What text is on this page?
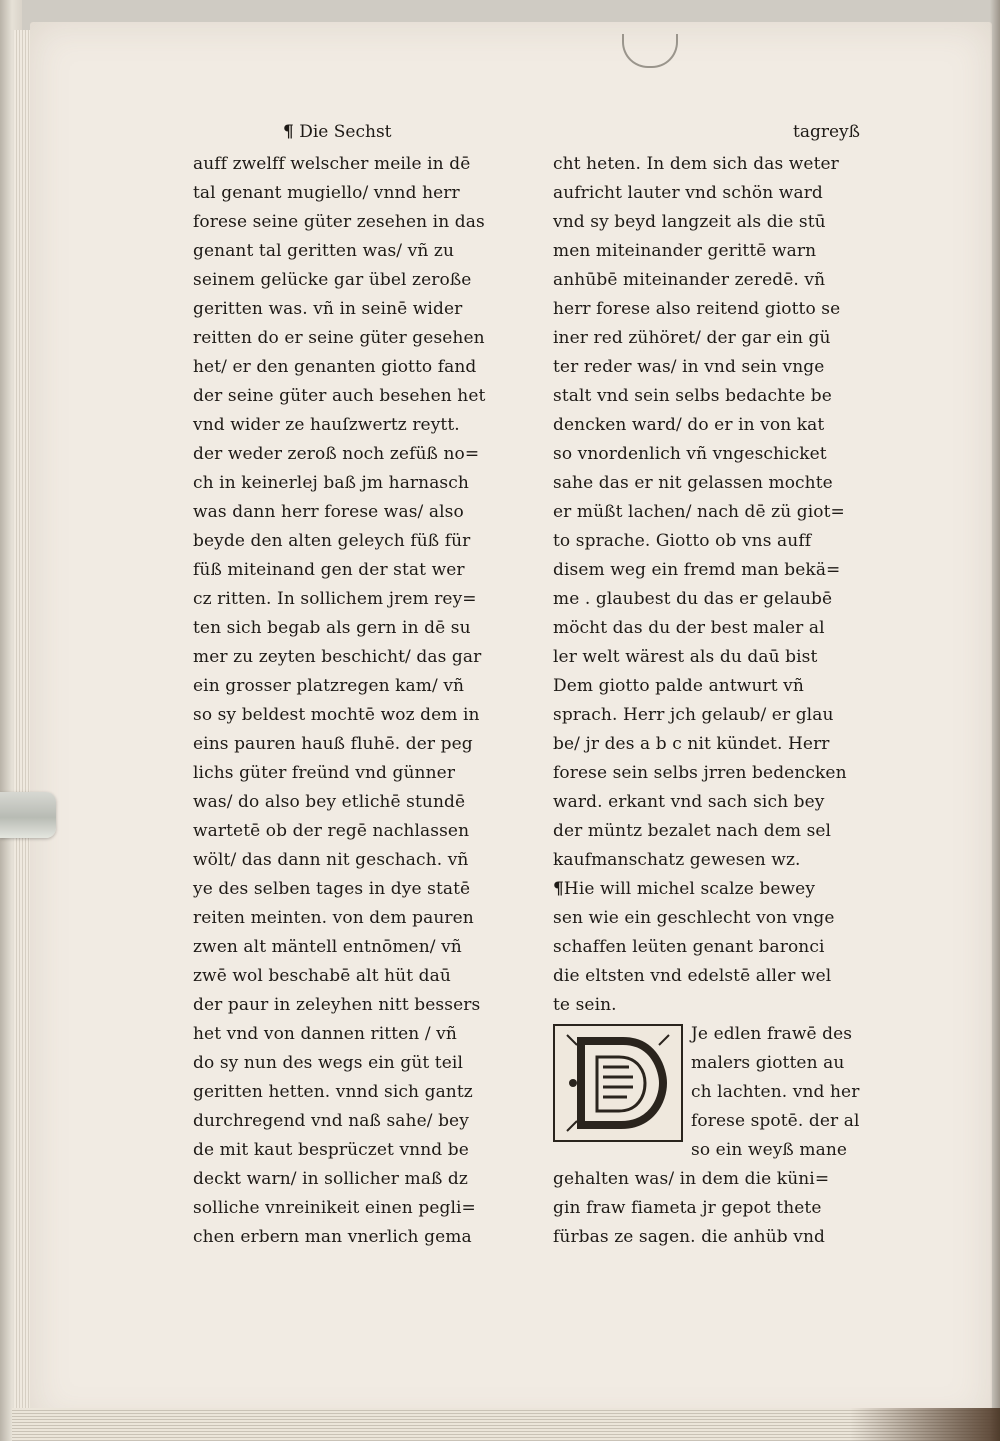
¶ Die Sechst
auff zwelff welscher meile in dē
tal genant mugiello/ vnnd herr
forese seine güter zesehen in das
genant tal geritten was/ vñ zu
seinem gelücke gar übel zeroße
geritten was. vñ in seinē wider
reitten do er seine güter gesehen
het/ er den genanten giotto fand
der seine güter auch besehen het
vnd wider ze hauſzwertz reytt.
der weder zeroß noch zefüß no=
ch in keinerlej baß jm harnasch
was dann herr forese was/ also
beyde den alten geleych füß für
füß miteinand gen der stat wer
cz ritten. In sollichem jrem rey=
ten sich begab als gern in dē su
mer zu zeyten beschicht/ das gar
ein grosser platzregen kam/ vñ
so sy beldest mochtē woz dem in
eins pauren hauß fluhē. der peg
lichs güter freünd vnd günner
was/ do also bey etlichē stundē
wartetē ob der regē nachlassen
wölt/ das dann nit geschach. vñ
ye des selben tages in dye statē
reiten meinten. von dem pauren
zwen alt mäntell entnōmen/ vñ
zwē wol beschabē alt hüt daū
der paur in zeleyhen nitt bessers
het vnd von dannen ritten / vñ
do sy nun des wegs ein güt teil
geritten hetten. vnnd sich gantz
durchregend vnd naß sahe/ bey
de mit kaut besprüczet vnnd be
deckt warn/ in sollicher maß dz
solliche vnreinikeit einen pegli=
chen erbern man vnerlich gema
tagreyß
cht heten. In dem sich das weter
aufricht lauter vnd schön ward
vnd sy beyd langzeit als die stū
men miteinander gerittē warn
anhūbē miteinander zeredē. vñ
herr forese also reitend giotto se
iner red zühöret/ der gar ein gü
ter reder was/ in vnd sein vnge
stalt vnd sein selbs bedachte be
dencken ward/ do er in von kat
so vnordenlich vñ vngeschicket
sahe das er nit gelassen mochte
er müßt lachen/ nach dē zü giot=
to sprache. Giotto ob vns auff
disem weg ein fremd man bekä=
me . glaubest du das er gelaubē
möcht das du der best maler al
ler welt wärest als du daū bist
Dem giotto palde antwurt vñ
sprach. Herr jch gelaub/ er glau
be/ jr des a b c nit kündet. Herr
forese sein selbs jrren bedencken
ward. erkant vnd sach sich bey
der müntz bezalet nach dem sel
kaufmanschatz gewesen wz.
¶Hie will michel scalze bewey
sen wie ein geschlecht von vnge
schaffen leüten genant baronci
die eltsten vnd edelstē aller wel
te sein.
Je edlen frawē des
malers giotten au
ch lachten. vnd her
forese spotē. der al
so ein weyß mane
gehalten was/ in dem die küni=
gin fraw fiameta jr gepot thete
fürbas ze sagen. die anhüb vnd
